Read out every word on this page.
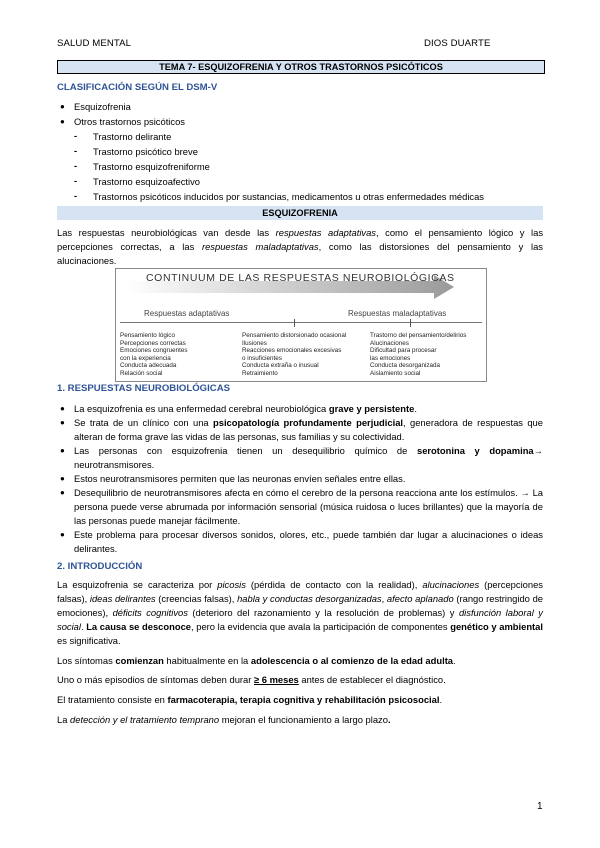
SALUD MENTAL	DIOS DUARTE
TEMA 7- ESQUIZOFRENIA Y OTROS TRASTORNOS PSICÓTICOS
CLASIFICACIÓN SEGÚN EL DSM-V
● Esquizofrenia
● Otros trastornos psicóticos
- Trastorno delirante
- Trastorno psicótico breve
- Trastorno esquizofreniforme
- Trastorno esquizoafectivo
- Trastornos psicóticos inducidos por sustancias, medicamentos u otras enfermedades médicas
ESQUIZOFRENIA
Las respuestas neurobiológicas van desde las respuestas adaptativas, como el pensamiento lógico y las percepciones correctas, a las respuestas maladaptativas, como las distorsiones del pensamiento y las alucinaciones.
CONTINUUM DE LAS RESPUESTAS NEUROBIOLÓGICAS
Respuestas adaptativas	Respuestas maladaptativas
Pensamiento lógico
Percepciones correctas
Emociones congruentes
con la experiencia
Conducta adecuada
Relación social
Pensamiento distorsionado ocasional
Ilusiones
Reacciones emocionales excesivas
o insuficientes
Conducta extraña o inusual
Retraimiento
Trastorno del pensamiento/delirios
Alucinaciones
Dificultad para procesar
las emociones
Conducta desorganizada
Aislamiento social
1. RESPUESTAS NEUROBIOLÓGICAS
● La esquizofrenia es una enfermedad cerebral neurobiológica grave y persistente.
● Se trata de un clínico con una psicopatología profundamente perjudicial, generadora de respuestas que alteran de forma grave las vidas de las personas, sus familias y su colectividad.
● Las personas con esquizofrenia tienen un desequilibrio químico de serotonina y dopamina→ neurotransmisores.
● Estos neurotransmisores permiten que las neuronas envíen señales entre ellas.
● Desequilibrio de neurotransmisores afecta en cómo el cerebro de la persona reacciona ante los estímulos. → La persona puede verse abrumada por información sensorial (música ruidosa o luces brillantes) que la mayoría de las personas puede manejar fácilmente.
● Este problema para procesar diversos sonidos, olores, etc., puede también dar lugar a alucinaciones o ideas delirantes.
2. INTRODUCCIÓN
La esquizofrenia se caracteriza por picosis (pérdida de contacto con la realidad), alucinaciones (percepciones falsas), ideas delirantes (creencias falsas), habla y conductas desorganizadas, afecto aplanado (rango restringido de emociones), déficits cognitivos (deterioro del razonamiento y la resolución de problemas) y disfunción laboral y social. La causa se desconoce, pero la evidencia que avala la participación de componentes genético y ambiental es significativa.
Los síntomas comienzan habitualmente en la adolescencia o al comienzo de la edad adulta.
Uno o más episodios de síntomas deben durar ≥ 6 meses antes de establecer el diagnóstico.
El tratamiento consiste en farmacoterapia, terapia cognitiva y rehabilitación psicosocial.
La detección y el tratamiento temprano mejoran el funcionamiento a largo plazo.
1
